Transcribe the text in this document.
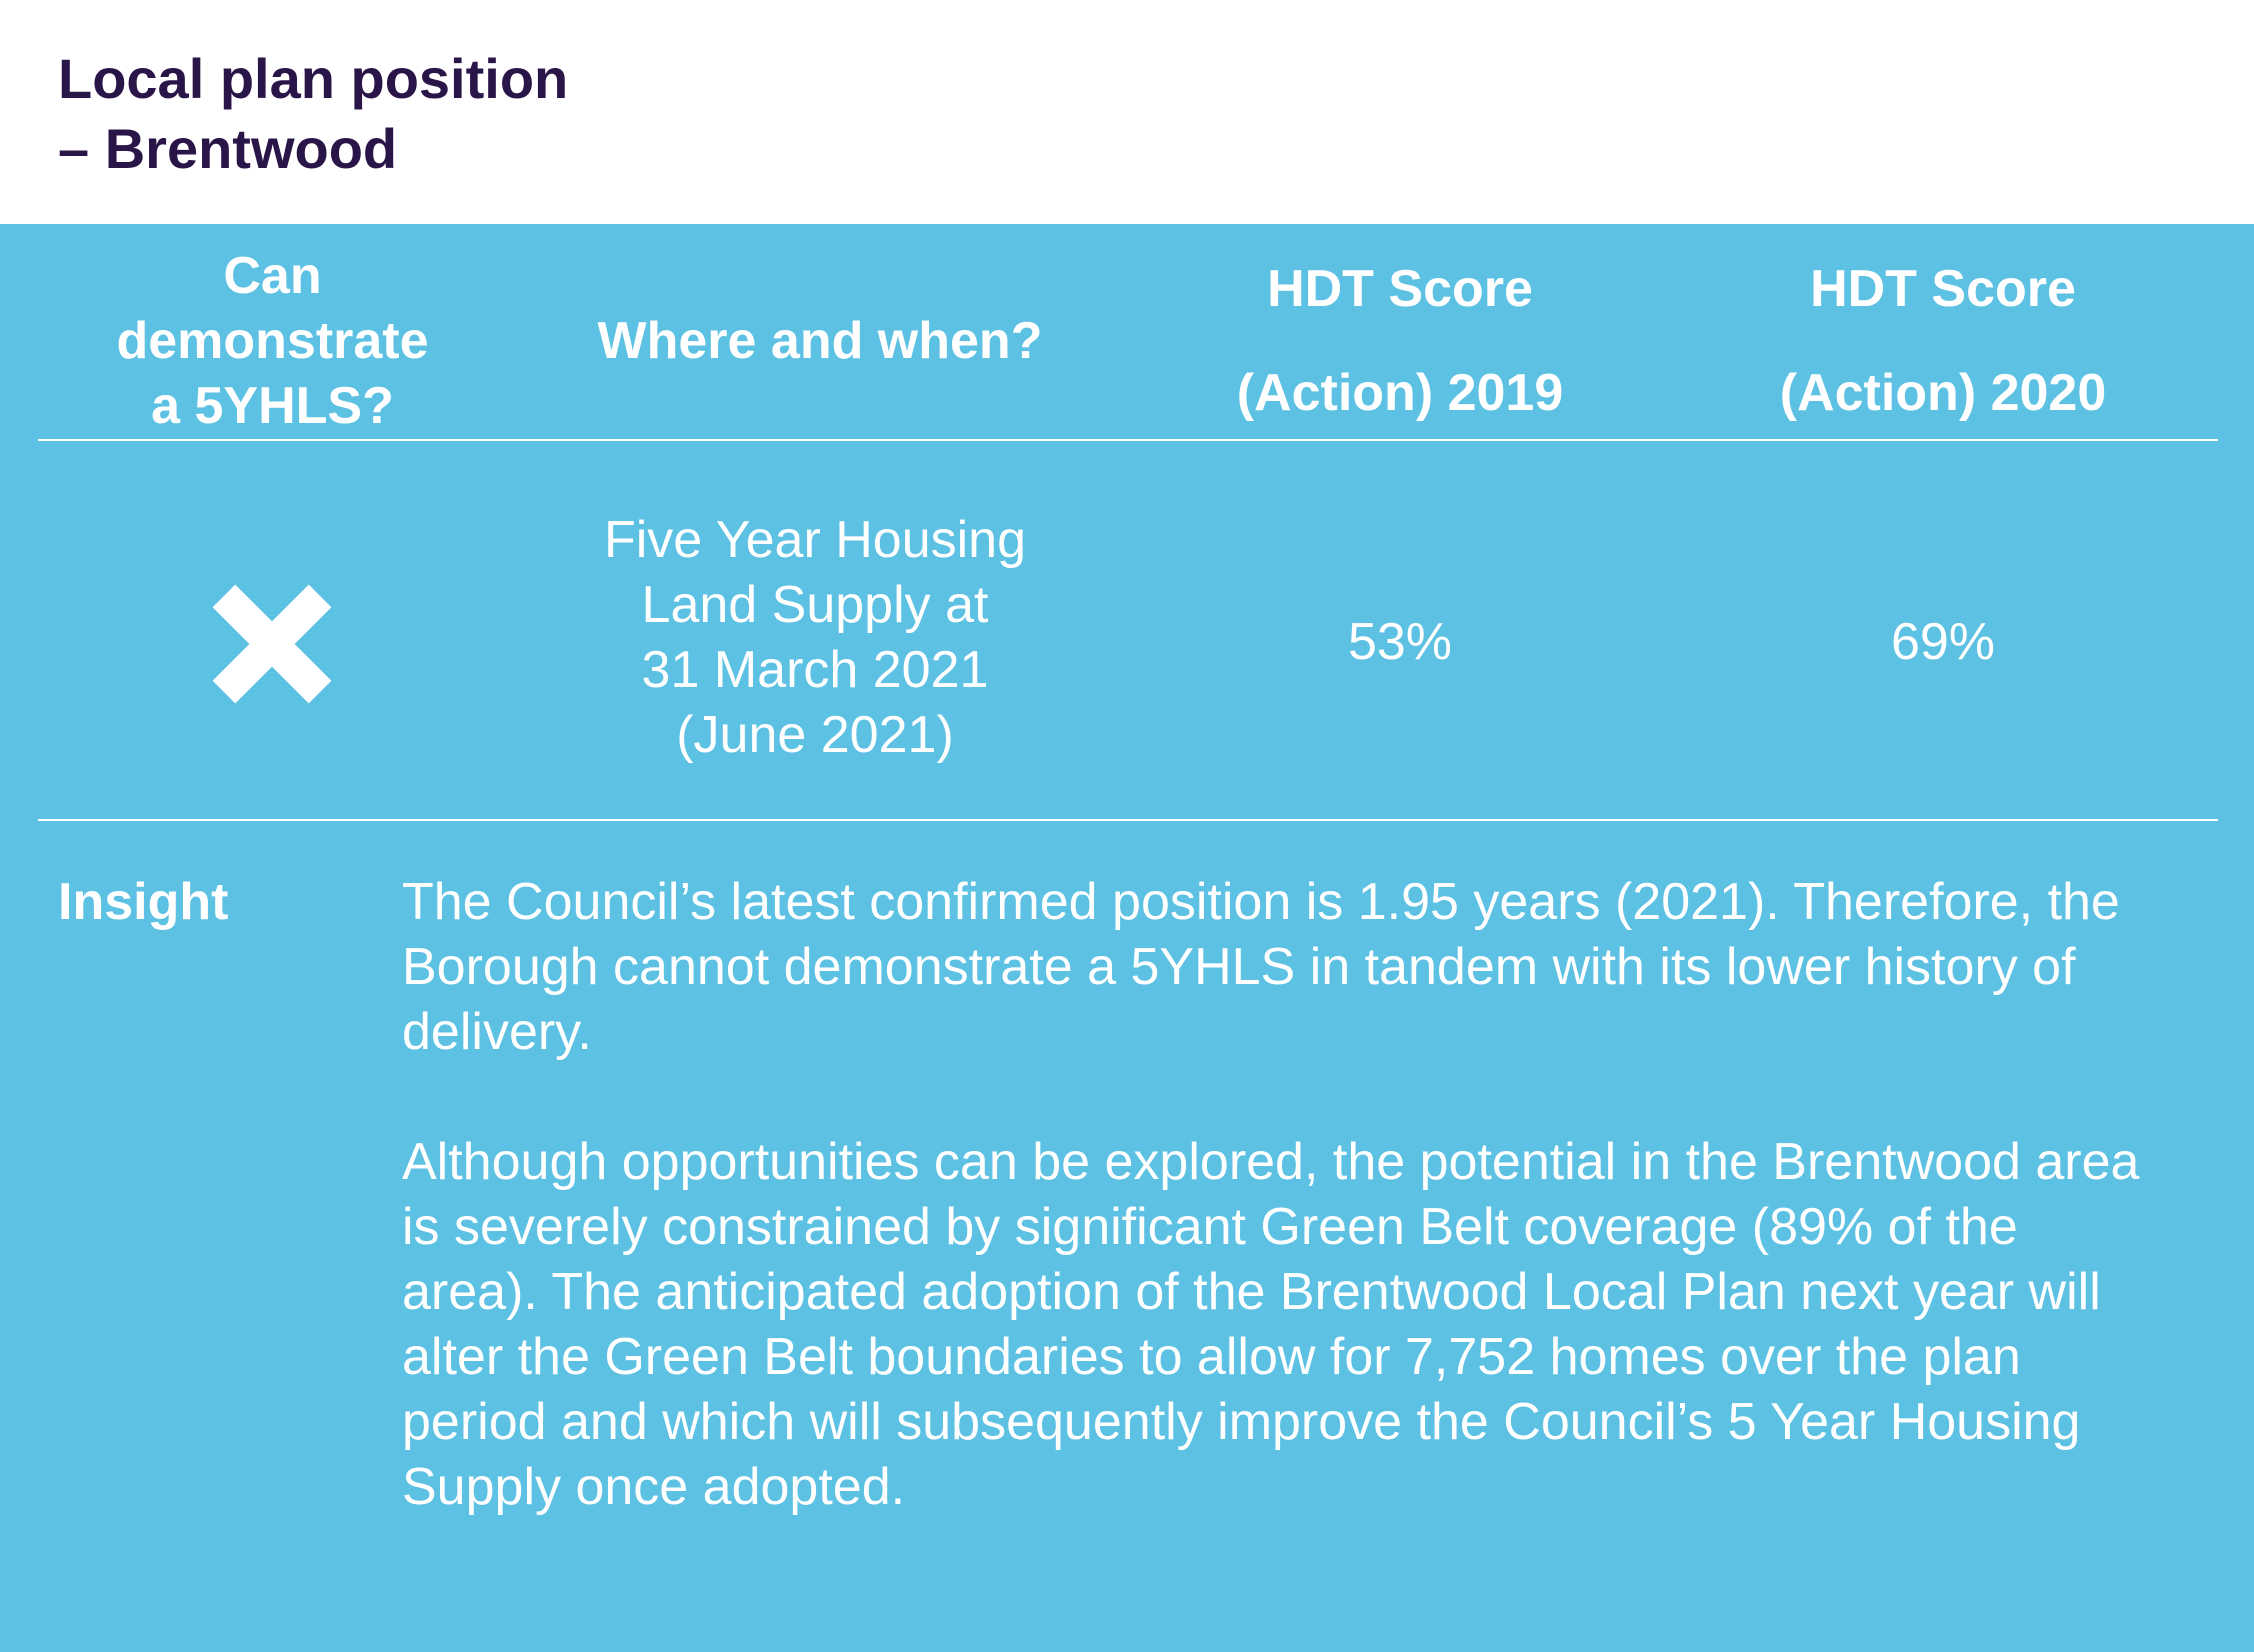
Local plan position
– Brentwood
Can
demonstrate
a 5YHLS?
Where and when?
HDT Score
(Action) 2019
HDT Score
(Action) 2020
Five Year Housing
Land Supply at
31 March 2021
(June 2021)
53%	69%
Insight	The Council’s latest confirmed position is 1.95 years (2021). Therefore, the Borough cannot demonstrate a 5YHLS in tandem with its lower history of delivery.

Although opportunities can be explored, the potential in the Brentwood area is severely constrained by significant Green Belt coverage (89% of the area). The anticipated adoption of the Brentwood Local Plan next year will alter the Green Belt boundaries to allow for 7,752 homes over the plan period and which will subsequently improve the Council’s 5 Year Housing Supply once adopted.
